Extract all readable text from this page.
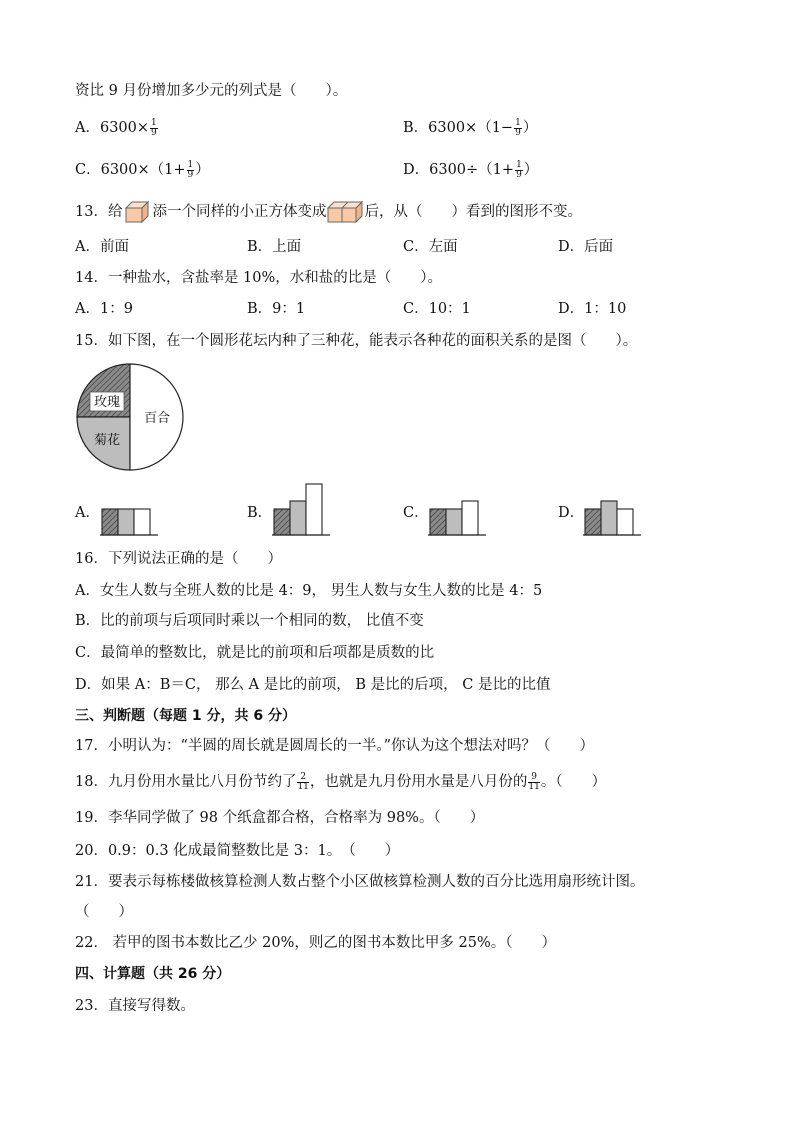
资比 9 月份增加多少元的列式是（　　）。
A．$6300\times \frac{1}{9}$	B．$6300\times(1- \frac{1}{9}$ ）
C．$6300\times(1+ \frac{1}{9}$ ）	D．$6300\div(1+ \frac{1}{9}$ ）
13．给 添一个同样的小正方体变成	后，从（　　）看到的图形不变。
A．前面	B．上面	C．左面	D．后面
14．一种盐水，含盐率是 10%，水和盐的比是（　　）。
A．1：9	B．9：1	C．10：1	D．1：10
15．如下图，在一个圆形花坛内种了三种花，能表示各种花的面积关系的是图（　　）。
玫瑰
菊花
百合
A．	B．	C．	D．
16．下列说法正确的是（　　）
A．女生人数与全班人数的比是 4：9， 男生人数与女生人数的比是 4：5
B．比的前项与后项同时乘以一个相同的数， 比值不变
C．最简单的整数比，就是比的前项和后项都是质数的比
D．如果 A：B＝C， 那么 A 是比的前项， B 是比的后项， C 是比的比值
三、判断题（每题 1 分，共 6 分）
17．小明认为：“半圆的周长就是圆周长的一半。”你认为这个想法对吗？（　　）
18．九月份用水量比八月份节约了 $\frac{2}{11}$ ，也就是九月份用水量是八月份的 $\frac{9}{11}$ 。（　　）
19．李华同学做了 98 个纸盒都合格，合格率为 98%。（　　）
20．0.9：0.3 化成最简整数比是 3：1。　（　　）
21．要表示每栋楼做核算检测人数占整个小区做核算检测人数的百分比选用扇形统计图。
（　　）
22． 若甲的图书本数比乙少 20%，则乙的图书本数比甲多 25%。（　　）
四、计算题（共 26 分）
23．直接写得数。
